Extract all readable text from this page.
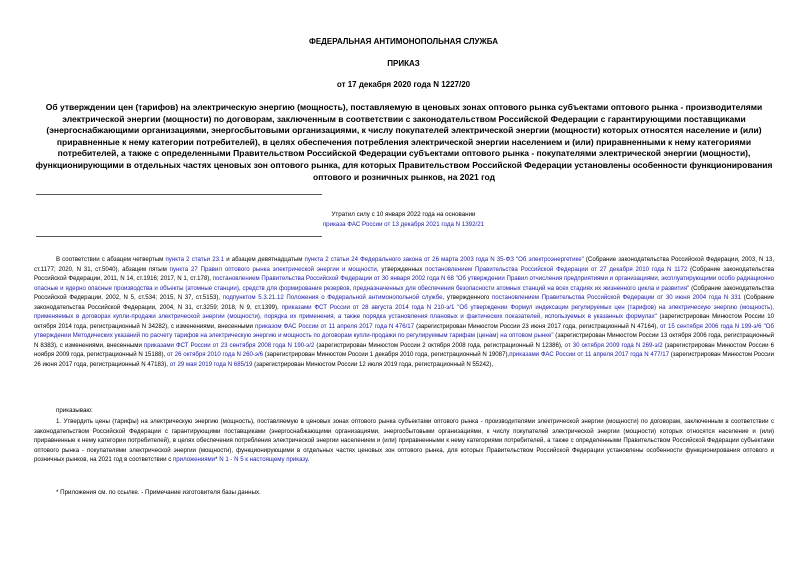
ФЕДЕРАЛЬНАЯ АНТИМОНОПОЛЬНАЯ СЛУЖБА
ПРИКАЗ
от 17 декабря 2020 года N 1227/20
Об утверждении цен (тарифов) на электрическую энергию (мощность), поставляемую в ценовых зонах оптового рынка субъектами оптового рынка - производителями электрической энергии (мощности) по договорам, заключенным в соответствии с законодательством Российской Федерации с гарантирующими поставщиками (энергоснабжающими организациями, энергосбытовыми организациями, к числу покупателей электрической энергии (мощности) которых относятся население и (или) приравненные к нему категории потребителей), в целях обеспечения потребления электрической энергии населением и (или) приравненными к нему категориями потребителей, а также с определенными Правительством Российской Федерации субъектами оптового рынка - покупателями электрической энергии (мощности), функционирующими в отдельных частях ценовых зон оптового рынка, для которых Правительством Российской Федерации установлены особенности функционирования оптового и розничных рынков, на 2021 год
Утратил силу с 10 января 2022 года на основании
приказа ФАС России от 13 декабря 2021 года N 1392/21

В соответствии с абзацем четвертым пункта 2 статьи 23.1 и абзацем девятнадцатым пункта 2 статьи 24 Федерального закона от 26 марта 2003 года N 35-ФЗ "Об электроэнергетике" (Собрание законодательства Российской Федерации, 2003, N 13, ст.1177; 2020, N 31, ст.5040), абзацем пятым пункта 27 Правил оптового рынка электрической энергии и мощности, утвержденных постановлением Правительства Российской Федерации от 27 декабря 2010 года N 1172 (Собрание законодательства Российской Федерации, 2011, N 14, ст.1916; 2017, N 1, ст.178), постановлением Правительства Российской Федерации от 30 января 2002 года N 68 "Об утверждении Правил отчисления предприятиями и организациями, эксплуатирующими особо радиационно опасные и ядерно опасные производства и объекты (атомные станции), средств для формирования резервов, предназначенных для обеспечения безопасности атомных станций на всех стадиях их жизненного цикла и развития" (Собрание законодательства Российской Федерации, 2002, N 5, ст.534; 2015, N 37, ст.5153), подпунктом 5.3.21.12 Положения о Федеральной антимонопольной службе, утвержденного постановлением Правительства Российской Федерации от 30 июня 2004 года N 331 (Собрание законодательства Российской Федерации, 2004, N 31, ст.3259; 2018, N 9, ст.1399), приказами ФСТ России от 28 августа 2014 года N 210-э/1 "Об утверждении Формул индексации регулируемых цен (тарифов) на электрическую энергию (мощность), применяемых в договорах купли-продажи электрической энергии (мощности), порядка их применения, а также порядка установления плановых и фактических показателей, используемых в указанных формулах" (зарегистрирован Минюстом России 10 октября 2014 года, регистрационный N 34282), с изменениями, внесенными приказом ФАС России от 11 апреля 2017 года N 476/17 (зарегистрирован Минюстом России 23 июня 2017 года, регистрационный N 47164), от 15 сентября 2006 года N 199-э/6 "Об утверждении Методических указаний по расчету тарифов на электрическую энергию и мощность по договорам купли-продажи по регулируемым тарифам (ценам) на оптовом рынке" (зарегистрирован Минюстом России 13 октября 2006 года, регистрационный N 8383), с изменениями, внесенными приказами ФСТ России от 23 сентября 2008 года N 190-э/2 (зарегистрирован Минюстом России 2 октября 2008 года, регистрационный N 12386), от 30 октября 2009 года N 269-э/2 (зарегистрирован Минюстом России 6 ноября 2009 года, регистрационный N 15188), от 26 октября 2010 года N 260-э/6 (зарегистрирован Минюстом России 1 декабря 2010 года, регистрационный N 19087),приказами ФАС России от 11 апреля 2017 года N 477/17 (зарегистрирован Минюстом России 26 июня 2017 года, регистрационный N 47183), от 29 мая 2019 года N 685/19 (зарегистрирован Минюстом России 12 июля 2019 года, регистрационный N 55242),

приказываю:
1. Утвердить цены (тарифы) на электрическую энергию (мощность), поставляемую в ценовых зонах оптового рынка субъектами оптового рынка - производителями электрической энергии (мощности) по договорам, заключенным в соответствии с законодательством Российской Федерации с гарантирующими поставщиками (энергоснабжающими организациями, энергосбытовыми организациями, к числу покупателей электрической энергии (мощности) которых относятся население и (или) приравненные к нему категории потребителей), в целях обеспечения потребления электрической энергии населением и (или) приравненными к нему категориями потребителей, а также с определенными Правительством Российской Федерации субъектами оптового рынка - покупателями электрической энергии (мощности), функционирующими в отдельных частях ценовых зон оптового рынка, для которых Правительством Российской Федерации установлены особенности функционирования оптового и розничных рынков, на 2021 год в соответствии с приложениями* N 1 - N 5 к настоящему приказу.
* Приложения см. по ссылке. - Примечание изготовителя базы данных.
